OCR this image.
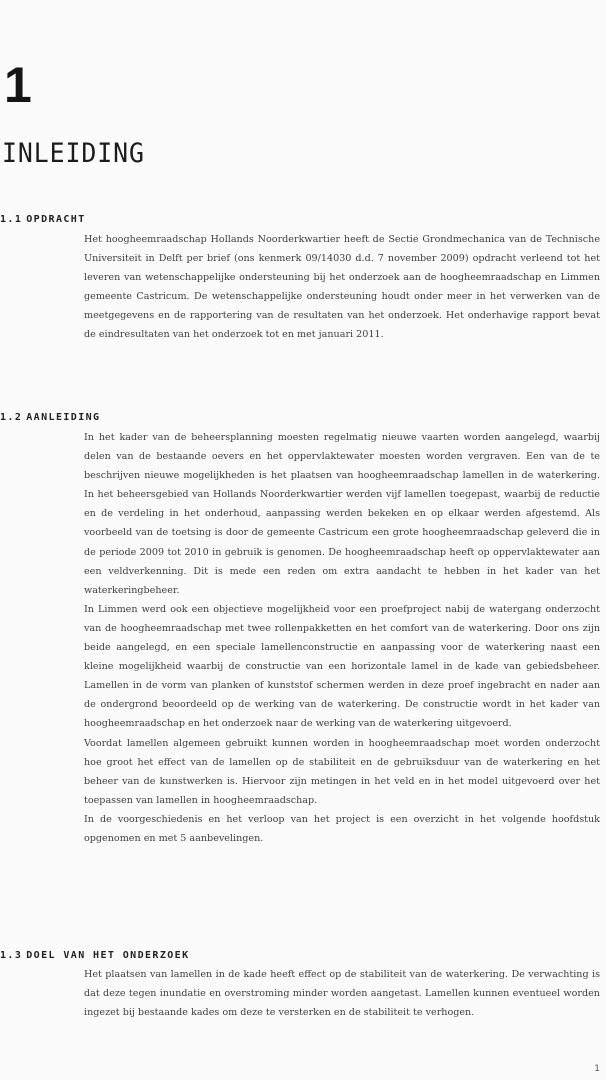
1
INLEIDING
1.1 OPDRACHT

Het hoogheemraadschap Hollands Noorderkwartier heeft de Sectie Grondmechanica van de Technische Universiteit in Delft per brief (ons kenmerk 09/14030 d.d. 7 november 2009) opdracht verleend tot het leveren van wetenschappelijke ondersteuning bij het onderzoek aan de hoogheemraadschap en Limmen gemeente Castricum. De wetenschappelijke ondersteuning houdt onder meer in het verwerken van de meetgegevens en de rapportering van de resultaten van het onderzoek. Het onderhavige rapport bevat de eindresultaten van het onderzoek tot en met januari 2011.

1.2 AANLEIDING

In het kader van de beheersplanning moesten regelmatig nieuwe vaarten worden aangelegd, waarbij delen van de bestaande oevers en het oppervlaktewater moesten worden vergraven. Een van de te beschrijven nieuwe mogelijkheden is het plaatsen van hoogheemraadschap lamellen in de waterkering. In het beheersgebied van Hollands Noorderkwartier werden vijf lamellen toegepast, waarbij de reductie en de verdeling in het onderhoud, aanpassing werden bekeken en op elkaar werden afgestemd. Als voorbeeld van de toetsing is door de gemeente Castricum een grote hoogheemraadschap geleverd die in de periode 2009 tot 2010 in gebruik is genomen. De hoogheemraadschap heeft op oppervlaktewater aan een veldverkenning. Dit is mede een reden om extra aandacht te hebben in het kader van het waterkeringbeheer.

In Limmen werd ook een objectieve mogelijkheid voor een proefproject nabij de watergang onderzocht van de hoogheemraadschap met twee rollenpakketten en het comfort van de waterkering. Door ons zijn beide aangelegd, en een speciale lamellenconstructie en aanpassing voor de waterkering naast een kleine mogelijkheid waarbij de constructie van een horizontale lamel in de kade van gebiedsbeheer. Lamellen in de vorm van planken of kunststof schermen werden in deze proef ingebracht en nader aan de ondergrond beoordeeld op de werking van de waterkering. De constructie wordt in het kader van hoogheemraadschap en het onderzoek naar de werking van de waterkering uitgevoerd.

Voordat lamellen algemeen gebruikt kunnen worden in hoogheemraadschap moet worden onderzocht hoe groot het effect van de lamellen op de stabiliteit en de gebruiksduur van de waterkering en het beheer van de kunstwerken is. Hiervoor zijn metingen in het veld en in het model uitgevoerd over het toepassen van lamellen in hoogheemraadschap.

In de voorgeschiedenis en het verloop van het project is een overzicht in het volgende hoofdstuk opgenomen en met 5 aanbevelingen.

1.3 DOEL VAN HET ONDERZOEK

Het plaatsen van lamellen in de kade heeft effect op de stabiliteit van de waterkering. De verwachting is dat deze tegen inundatie en overstroming minder worden aangetast. Lamellen kunnen eventueel worden ingezet bij bestaande kades om deze te versterken en de stabiliteit te verhogen.

1
